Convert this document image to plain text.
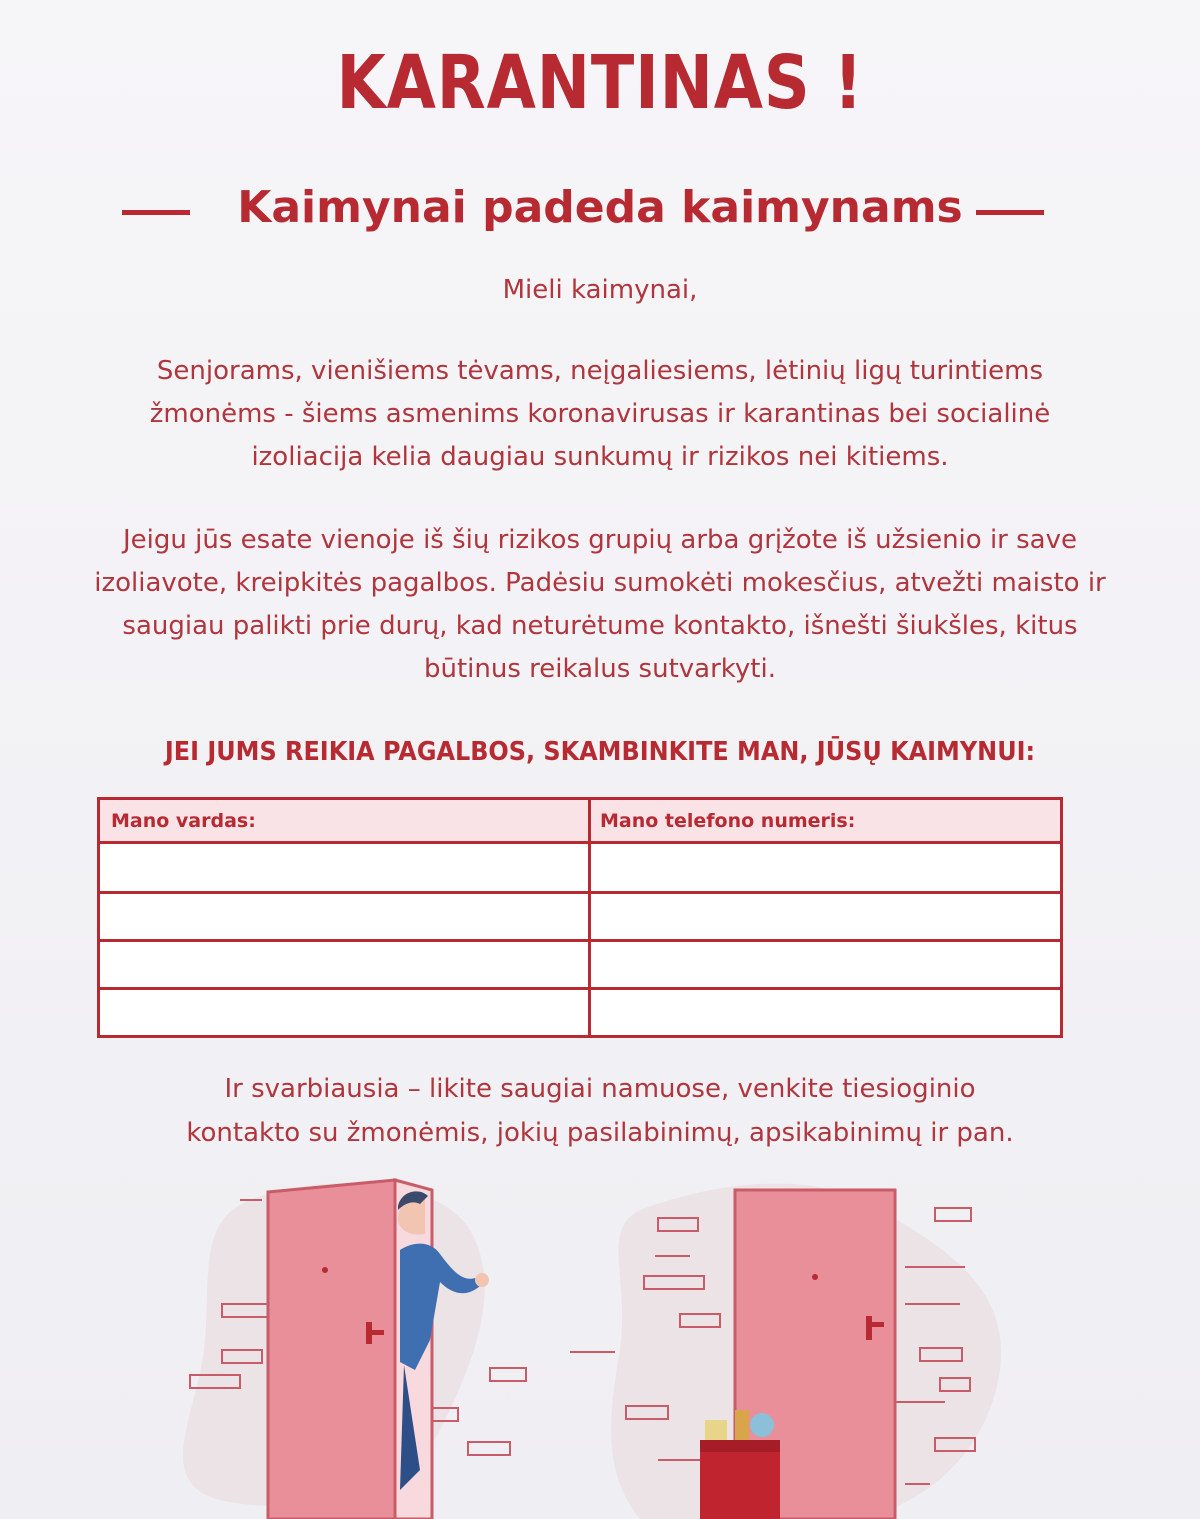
KARANTINAS !
Kaimynai padeda kaimynams
Mieli kaimynai,
Senjorams, vienišiems tėvams, neįgaliesiems, lėtinių ligų turintiems
žmonėms - šiems asmenims koronavirusas ir karantinas bei socialinė
izoliacija kelia daugiau sunkumų ir rizikos nei kitiems.
Jeigu jūs esate vienoje iš šių rizikos grupių arba grįžote iš užsienio ir save
izoliavote, kreipkitės pagalbos. Padėsiu sumokėti mokesčius, atvežti maisto ir
saugiau palikti prie durų, kad neturėtume kontakto, išnešti šiukšles, kitus
būtinus reikalus sutvarkyti.
JEI JUMS REIKIA PAGALBOS, SKAMBINKITE MAN, JŪSŲ KAIMYNUI:
Mano vardas:	Mano telefono numeris:
Ir svarbiausia – likite saugiai namuose, venkite tiesioginio
kontakto su žmonėmis, jokių pasilabinimų, apsikabinimų ir pan.
